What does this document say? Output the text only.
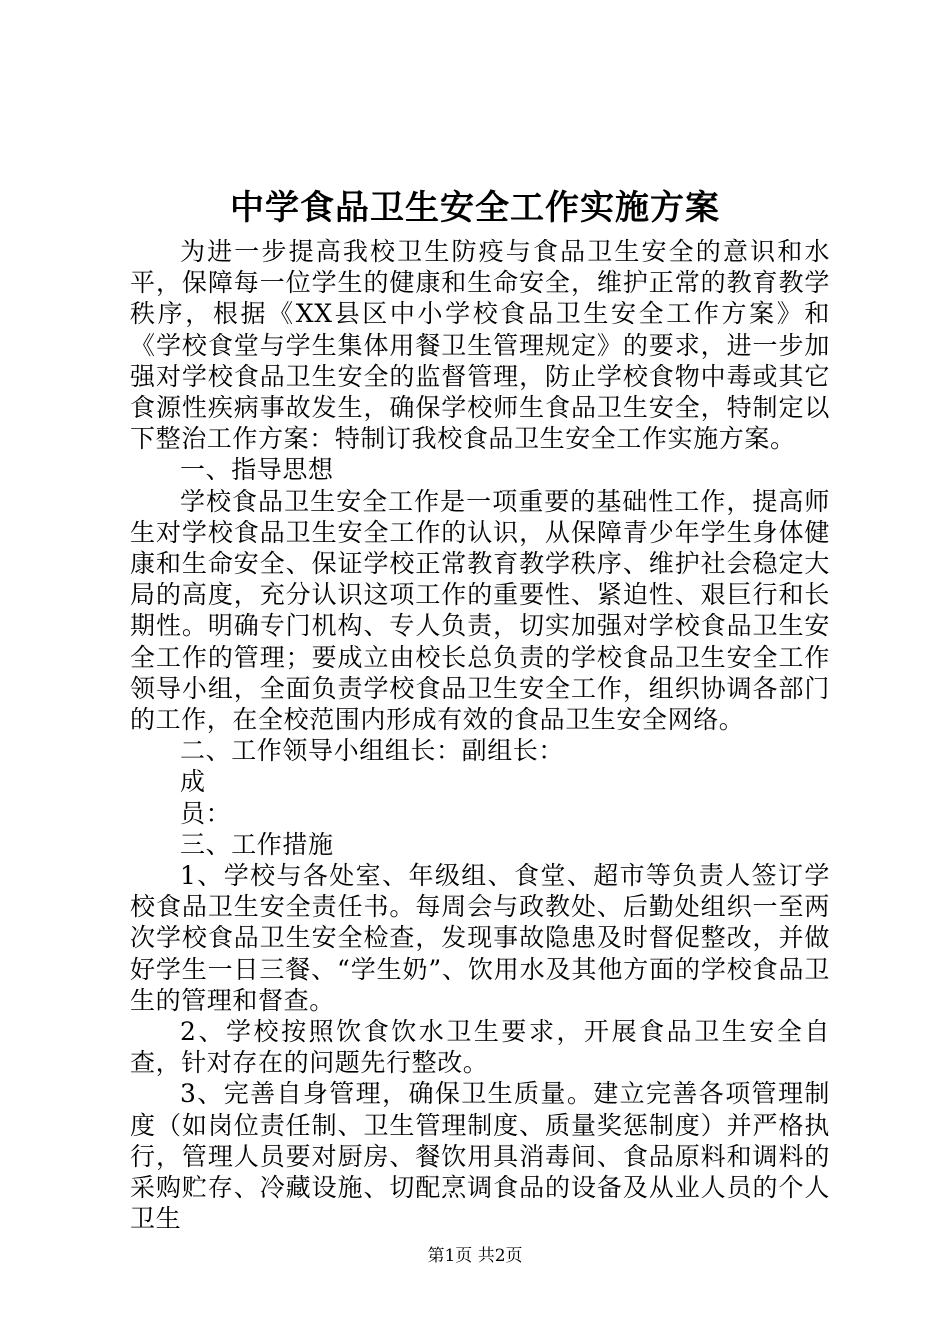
中学食品卫生安全工作实施方案

为进一步提高我校卫生防疫与食品卫生安全的意识和水平，保障每一位学生的健康和生命安全，维护正常的教育教学秩序，根据《XX县区中小学校食品卫生安全工作方案》和《学校食堂与学生集体用餐卫生管理规定》的要求，进一步加强对学校食品卫生安全的监督管理，防止学校食物中毒或其它食源性疾病事故发生，确保学校师生食品卫生安全，特制定以下整治工作方案：特制订我校食品卫生安全工作实施方案。

一、指导思想

学校食品卫生安全工作是一项重要的基础性工作，提高师生对学校食品卫生安全工作的认识，从保障青少年学生身体健康和生命安全、保证学校正常教育教学秩序、维护社会稳定大局的高度，充分认识这项工作的重要性、紧迫性、艰巨行和长期性。明确专门机构、专人负责，切实加强对学校食品卫生安全工作的管理；要成立由校长总负责的学校食品卫生安全工作领导小组，全面负责学校食品卫生安全工作，组织协调各部门的工作，在全校范围内形成有效的食品卫生安全网络。

二、工作领导小组组长：副组长：

成

员：

三、工作措施

1、学校与各处室、年级组、食堂、超市等负责人签订学校食品卫生安全责任书。每周会与政教处、后勤处组织一至两次学校食品卫生安全检查，发现事故隐患及时督促整改，并做好学生一日三餐、“学生奶”、饮用水及其他方面的学校食品卫生的管理和督查。

2、学校按照饮食饮水卫生要求，开展食品卫生安全自查，针对存在的问题先行整改。

3、完善自身管理，确保卫生质量。建立完善各项管理制度（如岗位责任制、卫生管理制度、质量奖惩制度）并严格执行，管理人员要对厨房、餐饮用具消毒间、食品原料和调料的采购贮存、冷藏设施、切配烹调食品的设备及从业人员的个人卫生

第1页 共2页
